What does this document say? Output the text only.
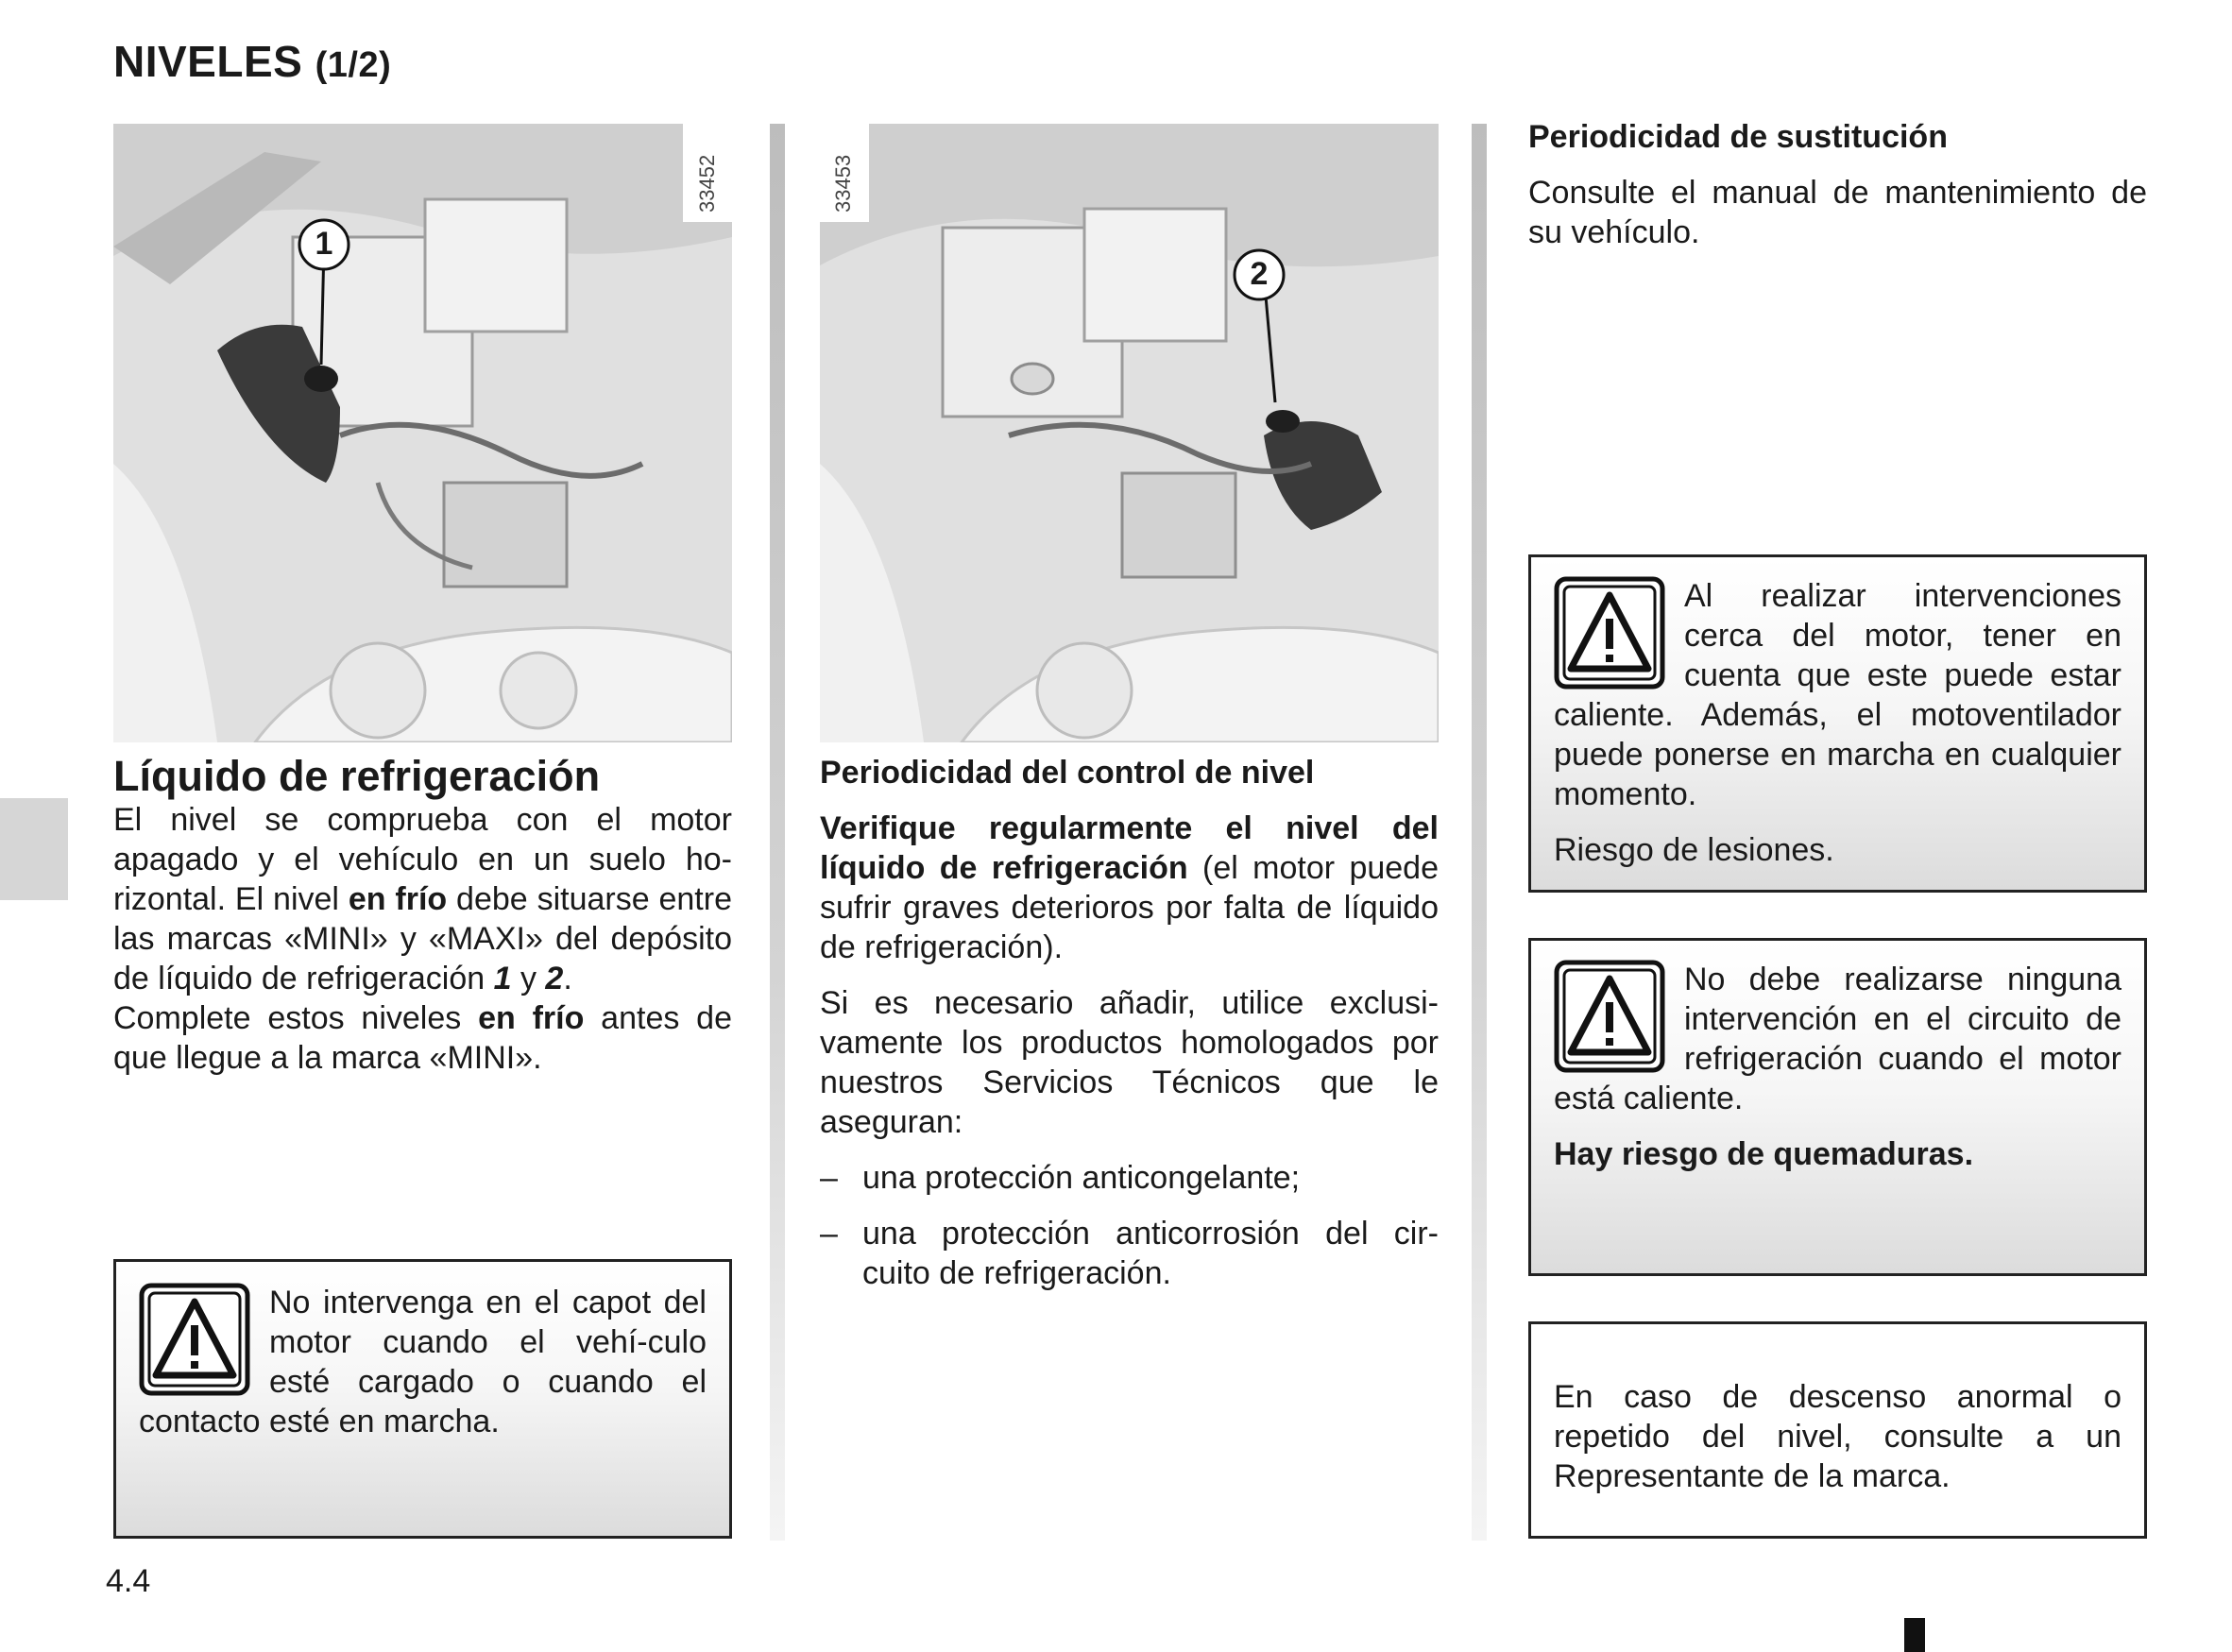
NIVELES (1/2)
4.4
33452
1
33453
2
Líquido de refrigeración

El nivel se comprueba con el motor apagado y el vehículo en un suelo ho-rizontal. El nivel en frío debe situarse entre las marcas «MINI» y «MAXI» del depósito de líquido de refrigeración 1 y 2.

Complete estos niveles en frío antes de que llegue a la marca «MINI».

No intervenga en el capot del motor cuando el vehí-culo esté cargado o cuando el contacto esté en marcha.

Periodicidad del control de nivel

Verifique regularmente el nivel del líquido de refrigeración (el motor puede sufrir graves deterioros por falta de líquido de refrigeración).

Si es necesario añadir, utilice exclusi-vamente los productos homologados por nuestros Servicios Técnicos que le aseguran:

– una protección anticongelante;
– una protección anticorrosión del cir-cuito de refrigeración.
Periodicidad de sustitución

Consulte el manual de mantenimiento de su vehículo.

Al realizar intervenciones cerca del motor, tener en cuenta que este puede estar caliente. Además, el motoventilador puede ponerse en marcha en cualquier momento.

Riesgo de lesiones.

No debe realizarse ninguna intervención en el circuito de refrigeración cuando el motor está caliente.

Hay riesgo de quemaduras.

En caso de descenso anormal o repetido del nivel, consulte a un Representante de la marca.
